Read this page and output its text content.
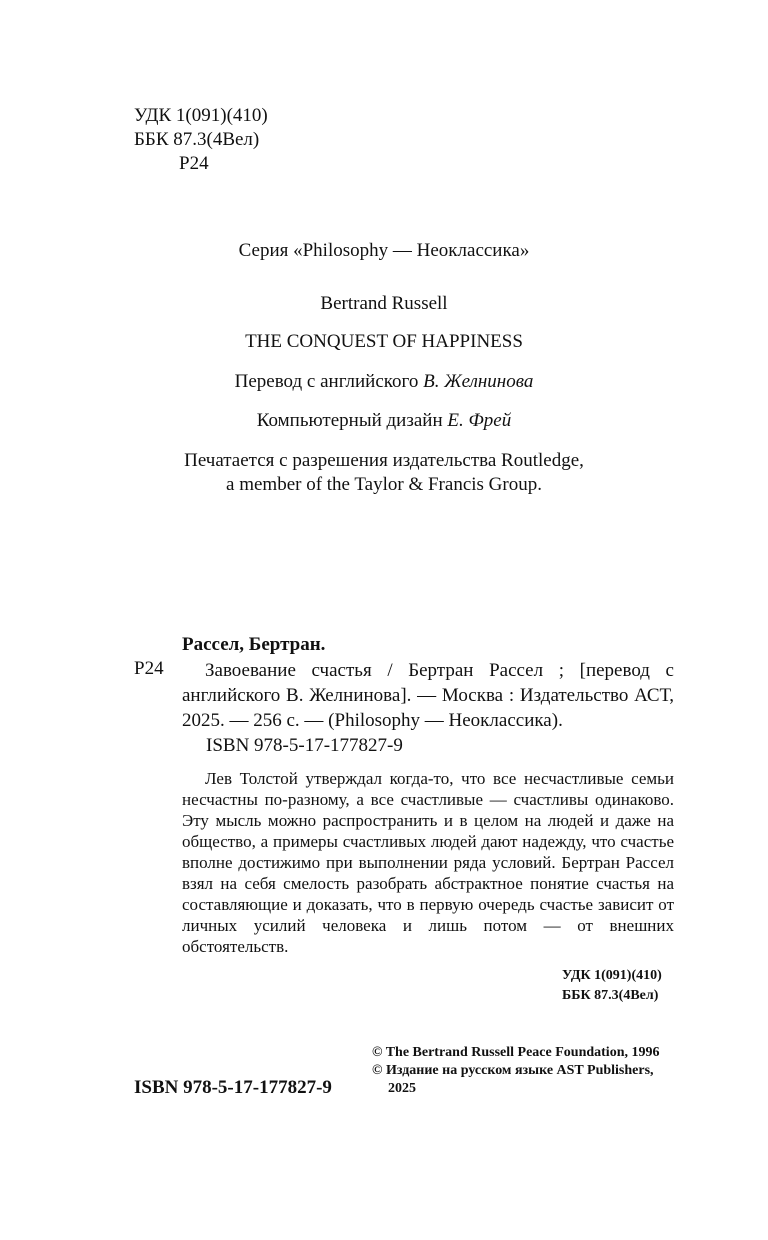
УДК 1(091)(410)
ББК 87.3(4Вел)
Р24
Серия «Philosophy — Неоклассика»
Bertrand Russell
THE CONQUEST OF HAPPINESS
Перевод с английского В. Желнинова
Компьютерный дизайн Е. Фрей
Печатается с разрешения издательства Routledge,
a member of the Taylor & Francis Group.
Рассел, Бертран.
Р24	Завоевание счастья / Бертран Рассел ; [перевод с английского В. Желнинова]. — Москва : Издательство АСТ, 2025. — 256 с. — (Philosophy — Неоклассика).
ISBN 978-5-17-177827-9
Лев Толстой утверждал когда-то, что все несчастливые семьи несчастны по-разному, а все счастливые — счастливы одинаково. Эту мысль можно распространить и в целом на людей и даже на общество, а примеры счастливых людей дают надежду, что счастье вполне достижимо при выполнении ряда условий. Бертран Рассел взял на себя смелость разобрать абстрактное понятие счастья на составляющие и доказать, что в первую очередь счастье зависит от личных усилий человека и лишь потом — от внешних обстоятельств.
УДК 1(091)(410)
ББК 87.3(4Вел)
© The Bertrand Russell Peace Foundation, 1996
© Издание на русском языке AST Publishers,
2025
ISBN 978-5-17-177827-9
